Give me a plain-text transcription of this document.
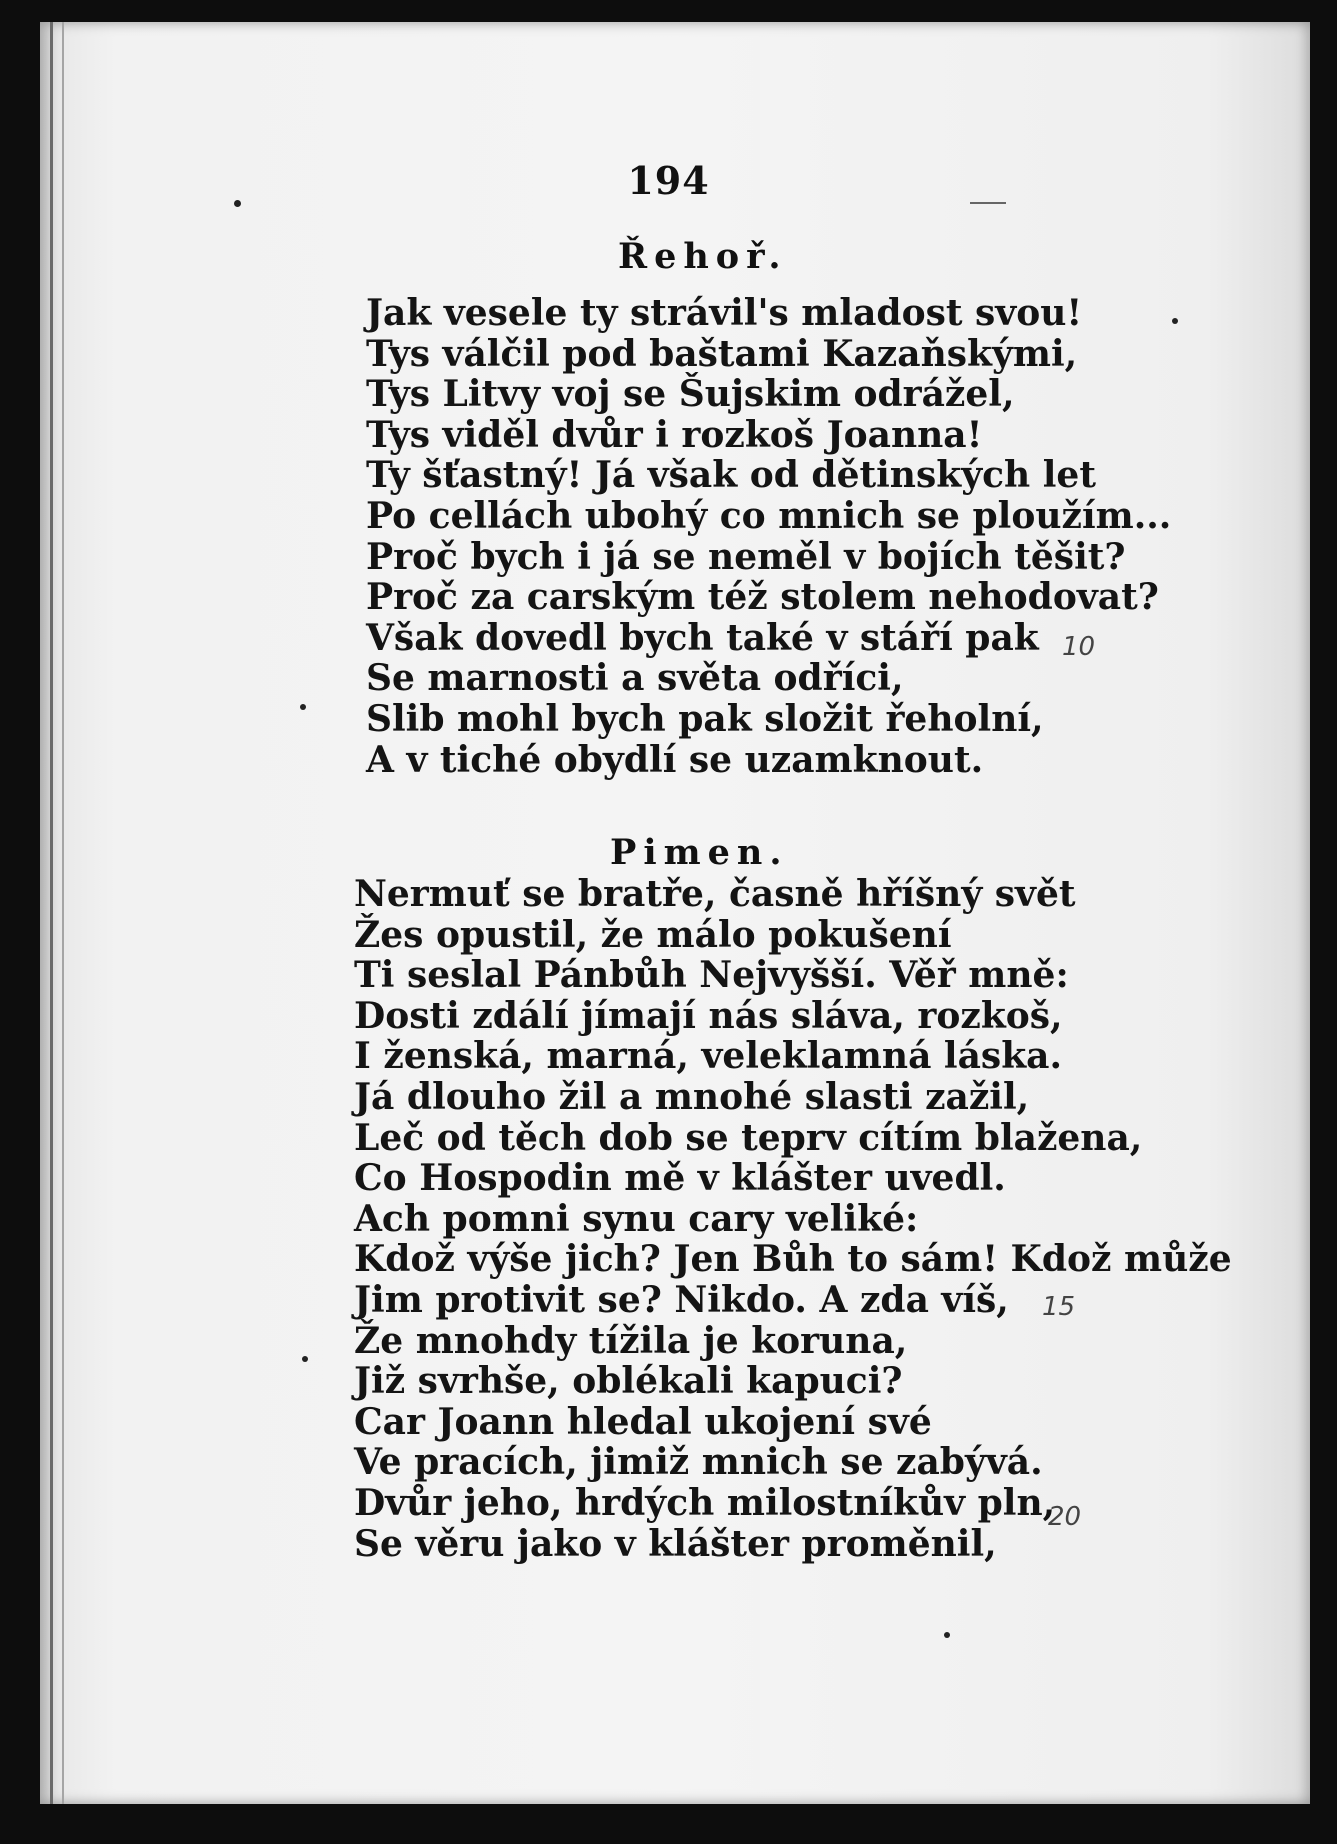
194
Řehoř.
Jak vesele ty strávil's mladost svou!
Tys válčil pod baštami Kazaňskými,
Tys Litvy voj se Šujskim odrážel,
Tys viděl dvůr i rozkoš Joanna!
Ty šťastný! Já však od dětinských let
Po cellách ubohý co mnich se ploužím...
Proč bych i já se neměl v bojích těšit?
Proč za carským též stolem nehodovat?
Však dovedl bych také v stáří pak
Se marnosti a světa odříci,
Slib mohl bych pak složit řeholní,
A v tiché obydlí se uzamknout.
Pimen.
Nermuť se bratře, časně hříšný svět
Žes opustil, že málo pokušení
Ti seslal Pánbůh Nejvyšší. Věř mně:
Dosti zdálí jímají nás sláva, rozkoš,
I ženská, marná, veleklamná láska.
Já dlouho žil a mnohé slasti zažil,
Leč od těch dob se teprv cítím blažena,
Co Hospodin mě v klášter uvedl.
Ach pomni synu cary veliké:
Kdož výše jich? Jen Bůh to sám! Kdož může
Jim protivit se? Nikdo. A zda víš,
Že mnohdy tížila je koruna,
Již svrhše, oblékali kapuci?
Car Joann hledal ukojení své
Ve pracích, jimiž mnich se zabývá.
Dvůr jeho, hrdých milostníkův pln,
Se věru jako v klášter proměnil,
10
15
20
